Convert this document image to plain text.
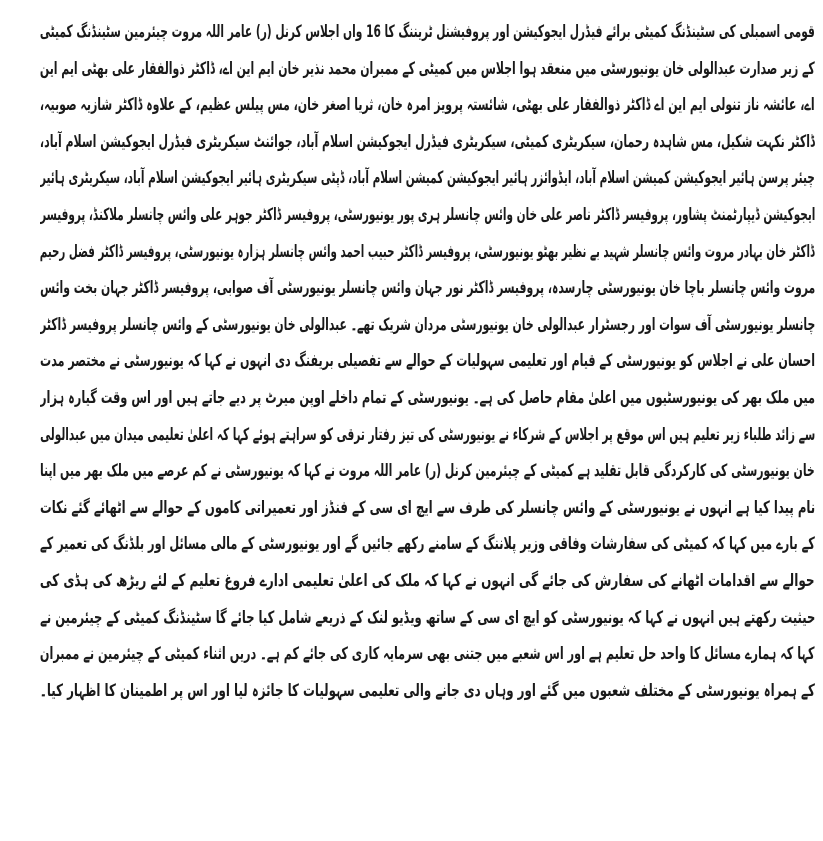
قومی اسمبلی کی سٹینڈنگ کمیٹی برائے فیڈرل ایجوکیشن اور پروفیشنل ٹریننگ کا 16 واں اجلاس کرنل (ر) عامر اللہ مروت چیئرمین سٹینڈنگ کمیٹی
کے زیر صدارت عبدالولی خان یونیورسٹی میں منعقد ہوا اجلاس میں کمیٹی کے ممبران محمد نذیر خان ایم این اے، ڈاکٹر ذوالفقار علی بھٹی ایم این
اے، عائشہ ناز تنولی ایم این اے ڈاکٹر ذوالفقار علی بھٹی، شائستہ پرویز امرہ خان، ثریا اصغر خان، مس پیلس عظیم، کے علاوہ ڈاکٹر شازیہ صوبیہ،
ڈاکٹر نکہت شکیل، مس شاہدہ رحمان، سیکریٹری کمیٹی، سیکریٹری فیڈرل ایجوکیشن اسلام آباد، جوائنٹ سیکریٹری فیڈرل ایجوکیشن اسلام آباد،
چیئر پرسن ہائیر ایجوکیشن کمیشن اسلام آباد، ایڈوائزر ہائیر ایجوکیشن کمیشن اسلام آباد، ڈپٹی سیکریٹری ہائیر ایجوکیشن اسلام آباد، سیکریٹری ہائیر
ایجوکیشن ڈیپارٹمنٹ پشاور، پروفیسر ڈاکٹر ناصر علی خان وائس چانسلر ہری پور یونیورسٹی، پروفیسر ڈاکٹر جوہر علی وائس چانسلر ملاکنڈ، پروفیسر
ڈاکٹر خان بہادر مروت وائس چانسلر شہید بے نظیر بھٹو یونیورسٹی، پروفیسر ڈاکٹر حبیب احمد وائس چانسلر ہزارہ یونیورسٹی، پروفیسر ڈاکٹر فضل رحیم
مروت وائس چانسلر باچا خان یونیورسٹی چارسدہ، پروفیسر ڈاکٹر نور جہان وائس چانسلر یونیورسٹی آف صوابی، پروفیسر ڈاکٹر جہان بخت وائس
چانسلر یونیورسٹی آف سوات اور رجسٹرار عبدالولی خان یونیورسٹی مردان شریک تھے۔ عبدالولی خان یونیورسٹی کے وائس چانسلر پروفیسر ڈاکٹر
احسان علی نے اجلاس کو یونیورسٹی کے قیام اور تعلیمی سہولیات کے حوالے سے تفصیلی بریفنگ دی انہوں نے کہا کہ یونیورسٹی نے مختصر مدت
میں ملک بھر کی یونیورسٹیوں میں اعلیٰ مقام حاصل کی ہے۔ یونیورسٹی کے تمام داخلے اوپن میرٹ پر دیے جاتے ہیں اور اس وقت گیارہ ہزار
سے زائد طلباء زیر تعلیم ہیں اس موقع پر اجلاس کے شرکاء نے یونیورسٹی کی تیز رفتار ترقی کو سراہتے ہوئے کہا کہ اعلیٰ تعلیمی میدان میں عبدالولی
خان یونیورسٹی کی کارکردگی قابل تقلید ہے کمیٹی کے چیئرمین کرنل (ر) عامر اللہ مروت نے کہا کہ یونیورسٹی نے کم عرصے میں ملک بھر میں اپنا
نام پیدا کیا ہے انہوں نے یونیورسٹی کے وائس چانسلر کی طرف سے ایچ ای سی کے فنڈز اور تعمیراتی کاموں کے حوالے سے اٹھائے گئے نکات
کے بارے میں کہا کہ کمیٹی کی سفارشات وفاقی وزیر پلاننگ کے سامنے رکھے جائیں گے اور یونیورسٹی کے مالی مسائل اور بلڈنگ کی تعمیر کے
حوالے سے اقدامات اٹھانے کی سفارش کی جائے گی انہوں نے کہا کہ ملک کی اعلیٰ تعلیمی ادارے فروغ تعلیم کے لئے ریڑھ کی ہڈی کی
حیثیت رکھتے ہیں انہوں نے کہا کہ یونیورسٹی کو ایچ ای سی کے ساتھ ویڈیو لنک کے ذریعے شامل کیا جائے گا سٹینڈنگ کمیٹی کے چیئرمین نے
کہا کہ ہمارے مسائل کا واحد حل تعلیم ہے اور اس شعبے میں جتنی بھی سرمایہ کاری کی جائے کم ہے۔ دریں اثناء کمیٹی کے چیئرمین نے ممبران
کے ہمراہ یونیورسٹی کے مختلف شعبوں میں گئے اور وہاں دی جانے والی تعلیمی سہولیات کا جائزہ لیا اور اس پر اطمینان کا اظہار کیا۔
